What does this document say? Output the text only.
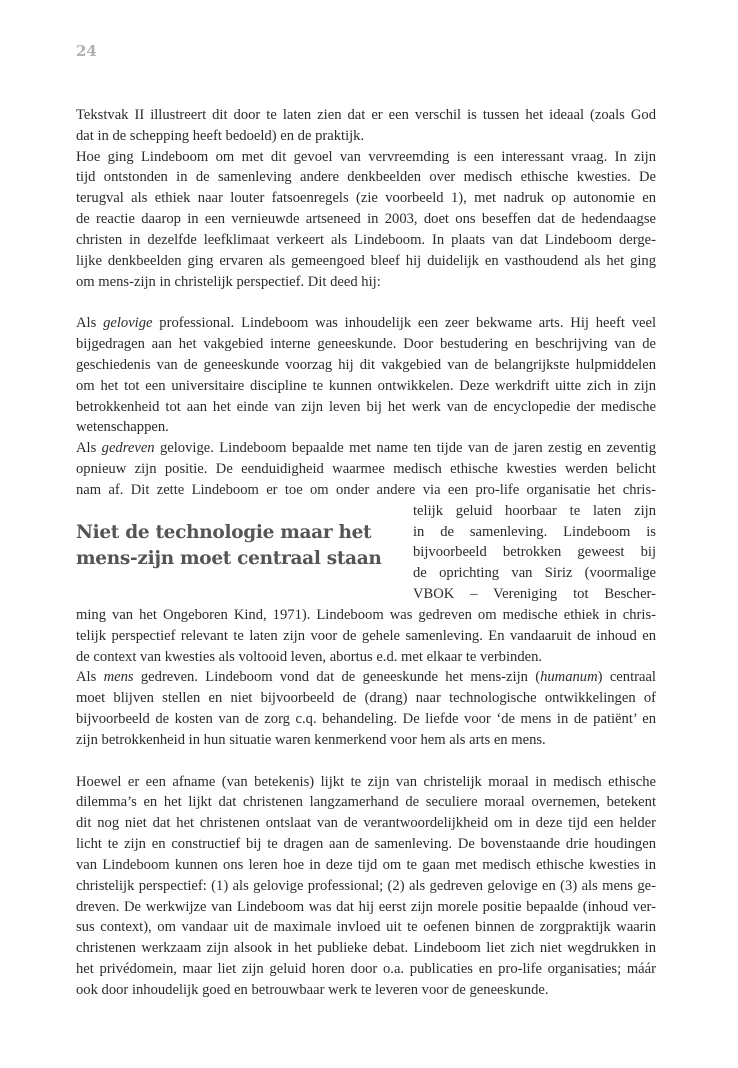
24
Niet de technologie maar het
mens-zijn moet centraal staan
Tekstvak II illustreert dit door te laten zien dat er een verschil is tussen het ideaal (zoals God
dat in de schepping heeft bedoeld) en de praktijk.
Hoe ging Lindeboom om met dit gevoel van vervreemding is een interessant vraag. In zijn
tijd ontstonden in de samenleving andere denkbeelden over medisch ethische kwesties. De
terugval als ethiek naar louter fatsoenregels (zie voorbeeld 1), met nadruk op autonomie en
de reactie daarop in een vernieuwde artseneed in 2003, doet ons beseffen dat de hedendaagse
christen in dezelfde leefklimaat verkeert als Lindeboom. In plaats van dat Lindeboom derge-
lijke denkbeelden ging ervaren als gemeengoed bleef hij duidelijk en vasthoudend als het ging
om mens-zijn in christelijk perspectief. Dit deed hij:
Als gelovige professional. Lindeboom was inhoudelijk een zeer bekwame arts. Hij heeft veel
bijgedragen aan het vakgebied interne geneeskunde. Door bestudering en beschrijving van de
geschiedenis van de geneeskunde voorzag hij dit vakgebied van de belangrijkste hulpmiddelen
om het tot een universitaire discipline te kunnen ontwikkelen. Deze werkdrift uitte zich in zijn
betrokkenheid tot aan het einde van zijn leven bij het werk van de encyclopedie der medische
wetenschappen.
Als gedreven gelovige. Lindeboom bepaalde met name ten tijde van de jaren zestig en zeventig
opnieuw zijn positie. De eenduidigheid waarmee medisch ethische kwesties werden belicht
nam af. Dit zette Lindeboom er toe om onder andere via een pro-life organisatie het chris-
telijk geluid hoorbaar te laten zijn
in de samenleving. Lindeboom is
bijvoorbeeld betrokken geweest bij
de oprichting van Siriz (voormalige
VBOK – Vereniging tot Bescher-
ming van het Ongeboren Kind, 1971). Lindeboom was gedreven om medische ethiek in chris-
telijk perspectief relevant te laten zijn voor de gehele samenleving. En vandaaruit de inhoud en
de context van kwesties als voltooid leven, abortus e.d. met elkaar te verbinden.
Als mens gedreven. Lindeboom vond dat de geneeskunde het mens-zijn (humanum) centraal
moet blijven stellen en niet bijvoorbeeld de (drang) naar technologische ontwikkelingen of
bijvoorbeeld de kosten van de zorg c.q. behandeling. De liefde voor ‘de mens in de patiënt’ en
zijn betrokkenheid in hun situatie waren kenmerkend voor hem als arts en mens.
Hoewel er een afname (van betekenis) lijkt te zijn van christelijk moraal in medisch ethische
dilemma’s en het lijkt dat christenen langzamerhand de seculiere moraal overnemen, betekent
dit nog niet dat het christenen ontslaat van de verantwoordelijkheid om in deze tijd een helder
licht te zijn en constructief bij te dragen aan de samenleving. De bovenstaande drie houdingen
van Lindeboom kunnen ons leren hoe in deze tijd om te gaan met medisch ethische kwesties in
christelijk perspectief: (1) als gelovige professional; (2) als gedreven gelovige en (3) als mens ge-
dreven. De werkwijze van Lindeboom was dat hij eerst zijn morele positie bepaalde (inhoud ver-
sus context), om vandaar uit de maximale invloed uit te oefenen binnen de zorgpraktijk waarin
christenen werkzaam zijn alsook in het publieke debat. Lindeboom liet zich niet wegdrukken in
het privédomein, maar liet zijn geluid horen door o.a. publicaties en pro-life organisaties; máár
ook door inhoudelijk goed en betrouwbaar werk te leveren voor de geneeskunde.
